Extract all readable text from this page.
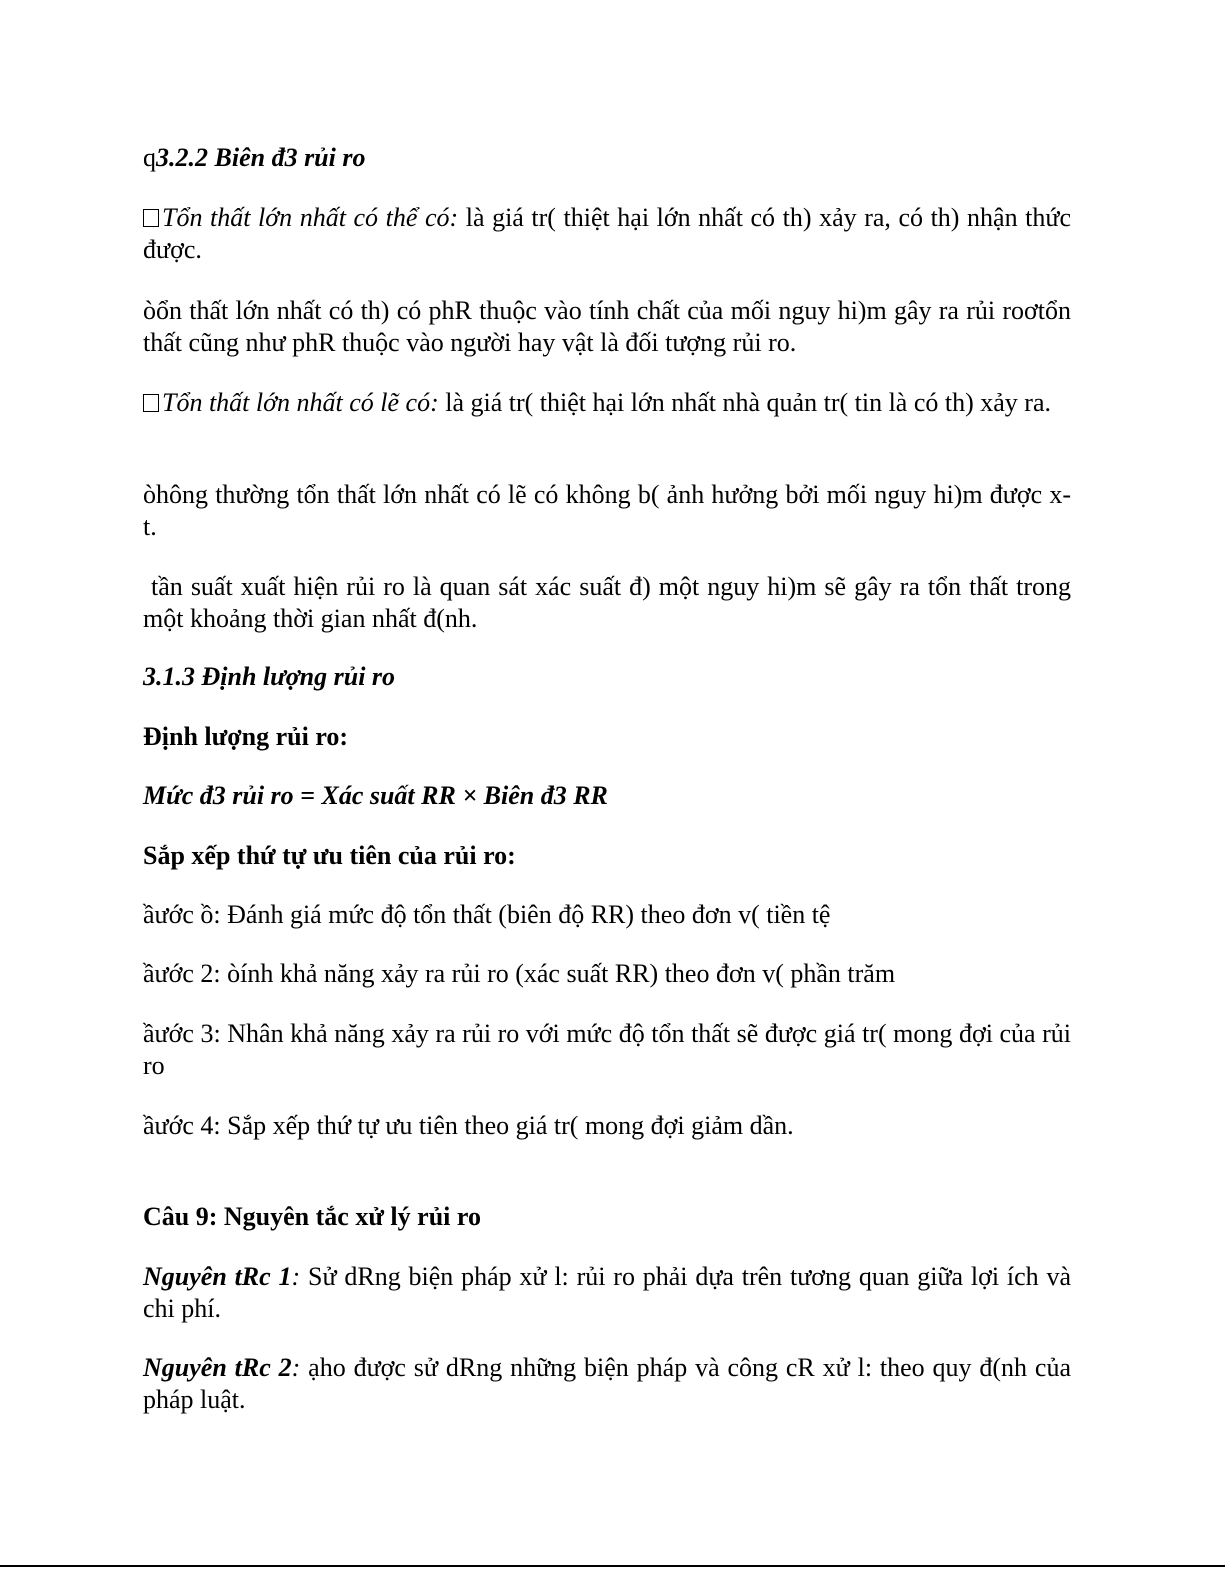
q3.2.2 Biên đ3 rủi ro

Tổn thất lớn nhất có thể có: là giá tr( thiệt hại lớn nhất có th) xảy ra, có th) nhận thức được.

òổn thất lớn nhất có th) có phR thuộc vào tính chất của mối nguy hi)m gây ra rủi roơtổn thất cũng như phR thuộc vào người hay vật là đối tượng rủi ro.

Tổn thất lớn nhất có lẽ có: là giá tr( thiệt hại lớn nhất nhà quản tr( tin là có th) xảy ra.

òhông thường tổn thất lớn nhất có lẽ có không b( ảnh hưởng bởi mối nguy hi)m được x-t.

tần suất xuất hiện rủi ro là quan sát xác suất đ) một nguy hi)m sẽ gây ra tổn thất trong một khoảng thời gian nhất đ(nh.

3.1.3 Định lượng rủi ro

Định lượng rủi ro:

Mức đ3 rủi ro = Xác suất RR × Biên đ3 RR

Sắp xếp thứ tự ưu tiên của rủi ro:

ầước ồ: Đánh giá mức độ tổn thất (biên độ RR) theo đơn v( tiền tệ

ầước 2: òính khả năng xảy ra rủi ro (xác suất RR) theo đơn v( phần trăm

ầước 3: Nhân khả năng xảy ra rủi ro với mức độ tổn thất sẽ được giá tr( mong đợi của rủi ro

ầước 4: Sắp xếp thứ tự ưu tiên theo giá tr( mong đợi giảm dần.

Câu 9: Nguyên tắc xử lý rủi ro

Nguyên tRc 1: Sử dRng biện pháp xử l: rủi ro phải dựa trên tương quan giữa lợi ích và chi phí.

Nguyên tRc 2: ạho được sử dRng những biện pháp và công cR xử l: theo quy đ(nh của pháp luật.
